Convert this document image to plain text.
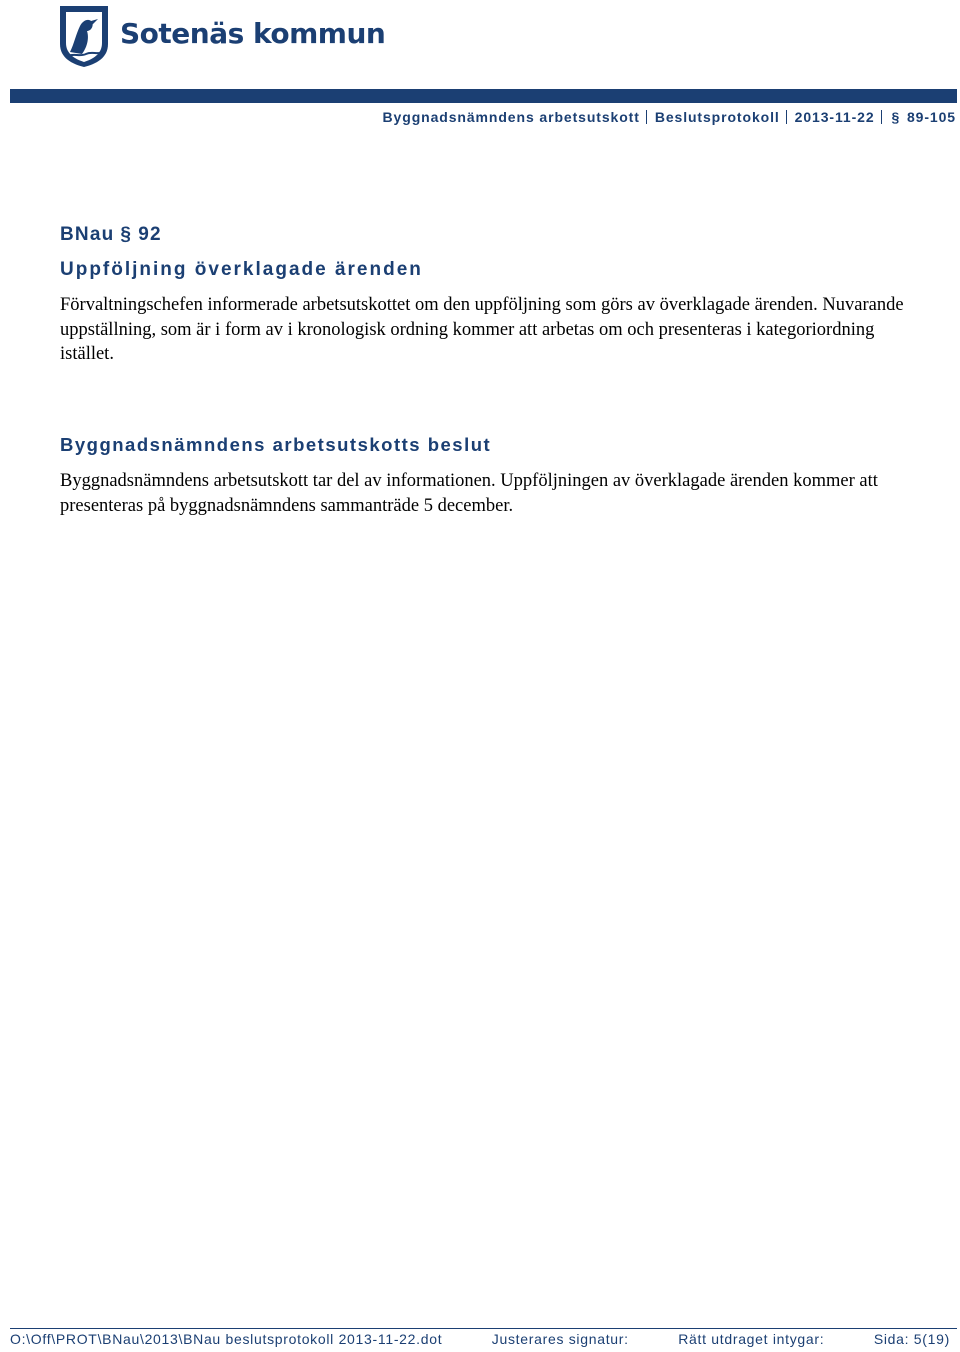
Sotenäs kommun
Byggnadsnämndens arbetsutskott Beslutsprotokoll 2013-11-22 § 89-105
BNau § 92
Uppföljning överklagade ärenden

Förvaltningschefen informerade arbetsutskottet om den uppföljning som görs av överklagade ärenden. Nuvarande uppställning, som är i form av i kronologisk ordning kommer att arbetas om och presenteras i kategoriordning istället.

Byggnadsnämndens arbetsutskotts beslut

Byggnadsnämndens arbetsutskott tar del av informationen. Uppföljningen av överklagade ärenden kommer att presenteras på byggnadsnämndens sammanträde 5 december.

O:\Off\PROT\BNau\2013\BNau beslutsprotokoll 2013-11-22.dot	Justerares signatur:	Rätt utdraget intygar:	Sida: 5(19)
